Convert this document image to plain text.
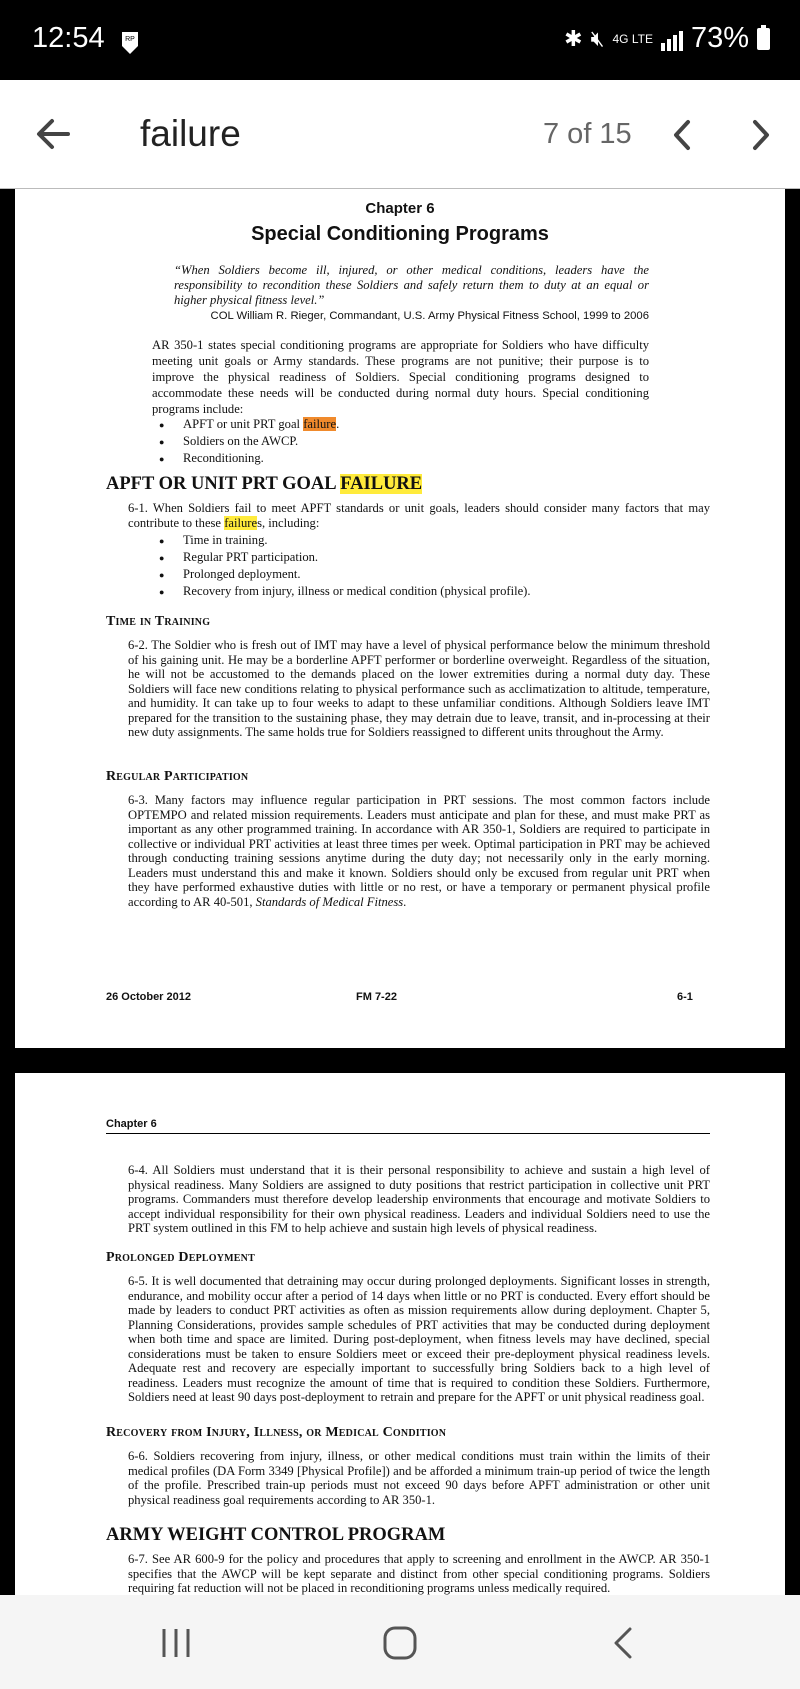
12:54	RP	✱ 🔇︎ 4G LTE 73%
failure	7 of 15
Chapter 6
Special Conditioning Programs
“When Soldiers become ill, injured, or other medical conditions, leaders have the responsibility to recondition these Soldiers and safely return them to duty at an equal or higher physical fitness level.”
COL William R. Rieger, Commandant, U.S. Army Physical Fitness School, 1999 to 2006
AR 350-1 states special conditioning programs are appropriate for Soldiers who have difficulty meeting unit goals or Army standards. These programs are not punitive; their purpose is to improve the physical readiness of Soldiers. Special conditioning programs designed to accommodate these needs will be conducted during normal duty hours. Special conditioning programs include:
● APFT or unit PRT goal failure.
● Soldiers on the AWCP.
● Reconditioning.
APFT OR UNIT PRT GOAL FAILURE
6-1. When Soldiers fail to meet APFT standards or unit goals, leaders should consider many factors that may contribute to these failures, including:
● Time in training.
● Regular PRT participation.
● Prolonged deployment.
● Recovery from injury, illness or medical condition (physical profile).
Time in Training
6-2. The Soldier who is fresh out of IMT may have a level of physical performance below the minimum threshold of his gaining unit. He may be a borderline APFT performer or borderline overweight. Regardless of the situation, he will not be accustomed to the demands placed on the lower extremities during a normal duty day. These Soldiers will face new conditions relating to physical performance such as acclimatization to altitude, temperature, and humidity. It can take up to four weeks to adapt to these unfamiliar conditions. Although Soldiers leave IMT prepared for the transition to the sustaining phase, they may detrain due to leave, transit, and in-processing at their new duty assignments. The same holds true for Soldiers reassigned to different units throughout the Army.
Regular Participation
6-3. Many factors may influence regular participation in PRT sessions. The most common factors include OPTEMPO and related mission requirements. Leaders must anticipate and plan for these, and must make PRT as important as any other programmed training. In accordance with AR 350-1, Soldiers are required to participate in collective or individual PRT activities at least three times per week. Optimal participation in PRT may be achieved through conducting training sessions anytime during the duty day; not necessarily only in the early morning. Leaders must understand this and make it known. Soldiers should only be excused from regular unit PRT when they have performed exhaustive duties with little or no rest, or have a temporary or permanent physical profile according to AR 40-501, Standards of Medical Fitness.
26 October 2012	FM 7-22	6-1
Chapter 6
6-4. All Soldiers must understand that it is their personal responsibility to achieve and sustain a high level of physical readiness. Many Soldiers are assigned to duty positions that restrict participation in collective unit PRT programs. Commanders must therefore develop leadership environments that encourage and motivate Soldiers to accept individual responsibility for their own physical readiness. Leaders and individual Soldiers need to use the PRT system outlined in this FM to help achieve and sustain high levels of physical readiness.
Prolonged Deployment
6-5. It is well documented that detraining may occur during prolonged deployments. Significant losses in strength, endurance, and mobility occur after a period of 14 days when little or no PRT is conducted. Every effort should be made by leaders to conduct PRT activities as often as mission requirements allow during deployment. Chapter 5, Planning Considerations, provides sample schedules of PRT activities that may be conducted during deployment when both time and space are limited. During post-deployment, when fitness levels may have declined, special considerations must be taken to ensure Soldiers meet or exceed their pre-deployment physical readiness levels. Adequate rest and recovery are especially important to successfully bring Soldiers back to a high level of readiness. Leaders must recognize the amount of time that is required to condition these Soldiers. Furthermore, Soldiers need at least 90 days post-deployment to retrain and prepare for the APFT or unit physical readiness goal.
Recovery from Injury, Illness, or Medical Condition
6-6. Soldiers recovering from injury, illness, or other medical conditions must train within the limits of their medical profiles (DA Form 3349 [Physical Profile]) and be afforded a minimum train-up period of twice the length of the profile. Prescribed train-up periods must not exceed 90 days before APFT administration or other unit physical readiness goal requirements according to AR 350-1.
ARMY WEIGHT CONTROL PROGRAM
6-7. See AR 600-9 for the policy and procedures that apply to screening and enrollment in the AWCP. AR 350-1 specifies that the AWCP will be kept separate and distinct from other special conditioning programs. Soldiers requiring fat reduction will not be placed in reconditioning programs unless medically required.
